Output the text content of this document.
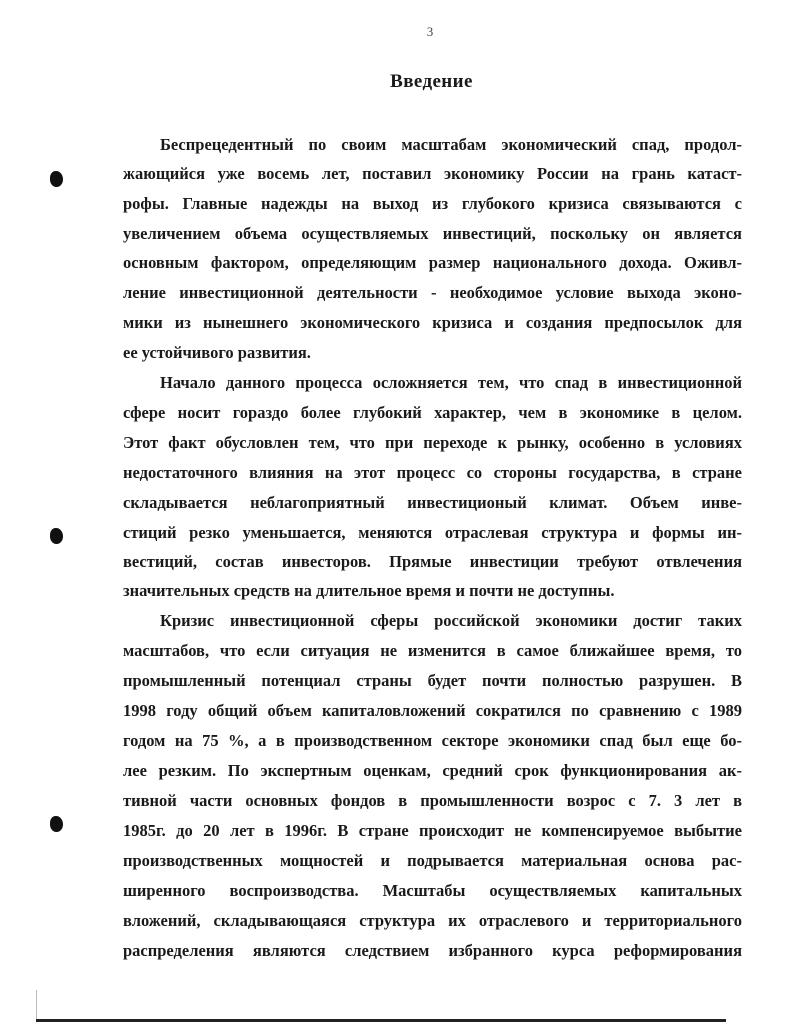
3
Введение
Беспрецедентный по своим масштабам экономический спад, продол-
жающийся уже восемь лет, поставил экономику России на грань катаст-
рофы. Главные надежды на выход из глубокого кризиса связываются с
увеличением объема осуществляемых инвестиций, поскольку он является
основным фактором, определяющим размер национального дохода. Оживл-
ление инвестиционной деятельности - необходимое условие выхода эконо-
мики из нынешнего экономического кризиса и создания предпосылок для
ее устойчивого развития.
Начало данного процесса осложняется тем, что спад в инвестиционной
сфере носит гораздо более глубокий характер, чем в экономике в целом.
Этот факт обусловлен тем, что при переходе к рынку, особенно в условиях
недостаточного влияния на этот процесс со стороны государства, в стране
складывается неблагоприятный инвестиционый климат. Объем инве-
стиций резко уменьшается, меняются отраслевая структура и формы ин-
вестиций, состав инвесторов. Прямые инвестиции требуют отвлечения
значительных средств на длительное время и почти не доступны.
Кризис инвестиционной сферы российской экономики достиг таких
масштабов, что если ситуация не изменится в самое ближайшее время, то
промышленный потенциал страны будет почти полностью разрушен. В
1998 году общий объем капиталовложений сократился по сравнению с 1989
годом на 75 %, а в производственном секторе экономики спад был еще бо-
лее резким. По экспертным оценкам, средний срок функционирования ак-
тивной части основных фондов в промышленности возрос с 7. 3 лет в
1985г. до 20 лет в 1996г. В стране происходит не компенсируемое выбытие
производственных мощностей и подрывается материальная основа рас-
ширенного воспроизводства. Масштабы осуществляемых капитальных
вложений, складывающаяся структура их отраслевого и территориального
распределения являются следствием избранного курса реформирования
